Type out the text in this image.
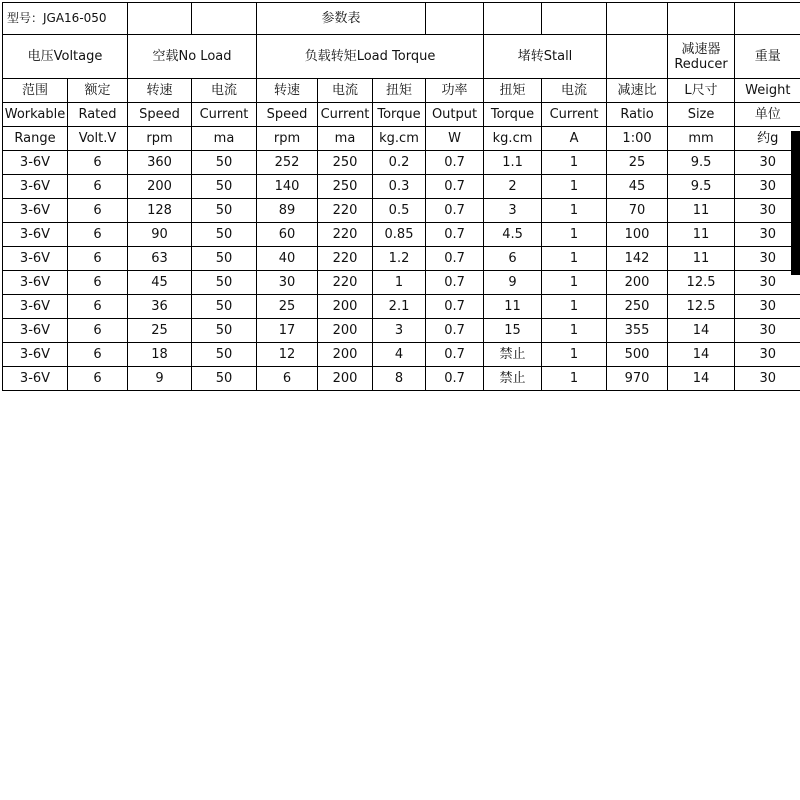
型号：JGA16-050				参数表								
电压Voltage		空载No Load		负载转矩Load Torque				堵转Stall			减速器
Reducer	重量
范围	额定	转速	电流	转速	电流	扭矩	功率	扭矩	电流	减速比	L尺寸	Weight
Workable	Rated	Speed	Current	Speed	Current	Torque	Output	Torque	Current	Ratio	Size	单位
Range	Volt.V	rpm	ma	rpm	ma	kg.cm	W	kg.cm	A	1:00	mm	约g
3-6V	6	360	50	252	250	0.2	0.7	1.1	1	25	9.5	30
3-6V	6	200	50	140	250	0.3	0.7	2	1	45	9.5	30
3-6V	6	128	50	89	220	0.5	0.7	3	1	70	11	30
3-6V	6	90	50	60	220	0.85	0.7	4.5	1	100	11	30
3-6V	6	63	50	40	220	1.2	0.7	6	1	142	11	30
3-6V	6	45	50	30	220	1	0.7	9	1	200	12.5	30
3-6V	6	36	50	25	200	2.1	0.7	11	1	250	12.5	30
3-6V	6	25	50	17	200	3	0.7	15	1	355	14	30
3-6V	6	18	50	12	200	4	0.7	禁止	1	500	14	30
3-6V	6	9	50	6	200	8	0.7	禁止	1	970	14	30
